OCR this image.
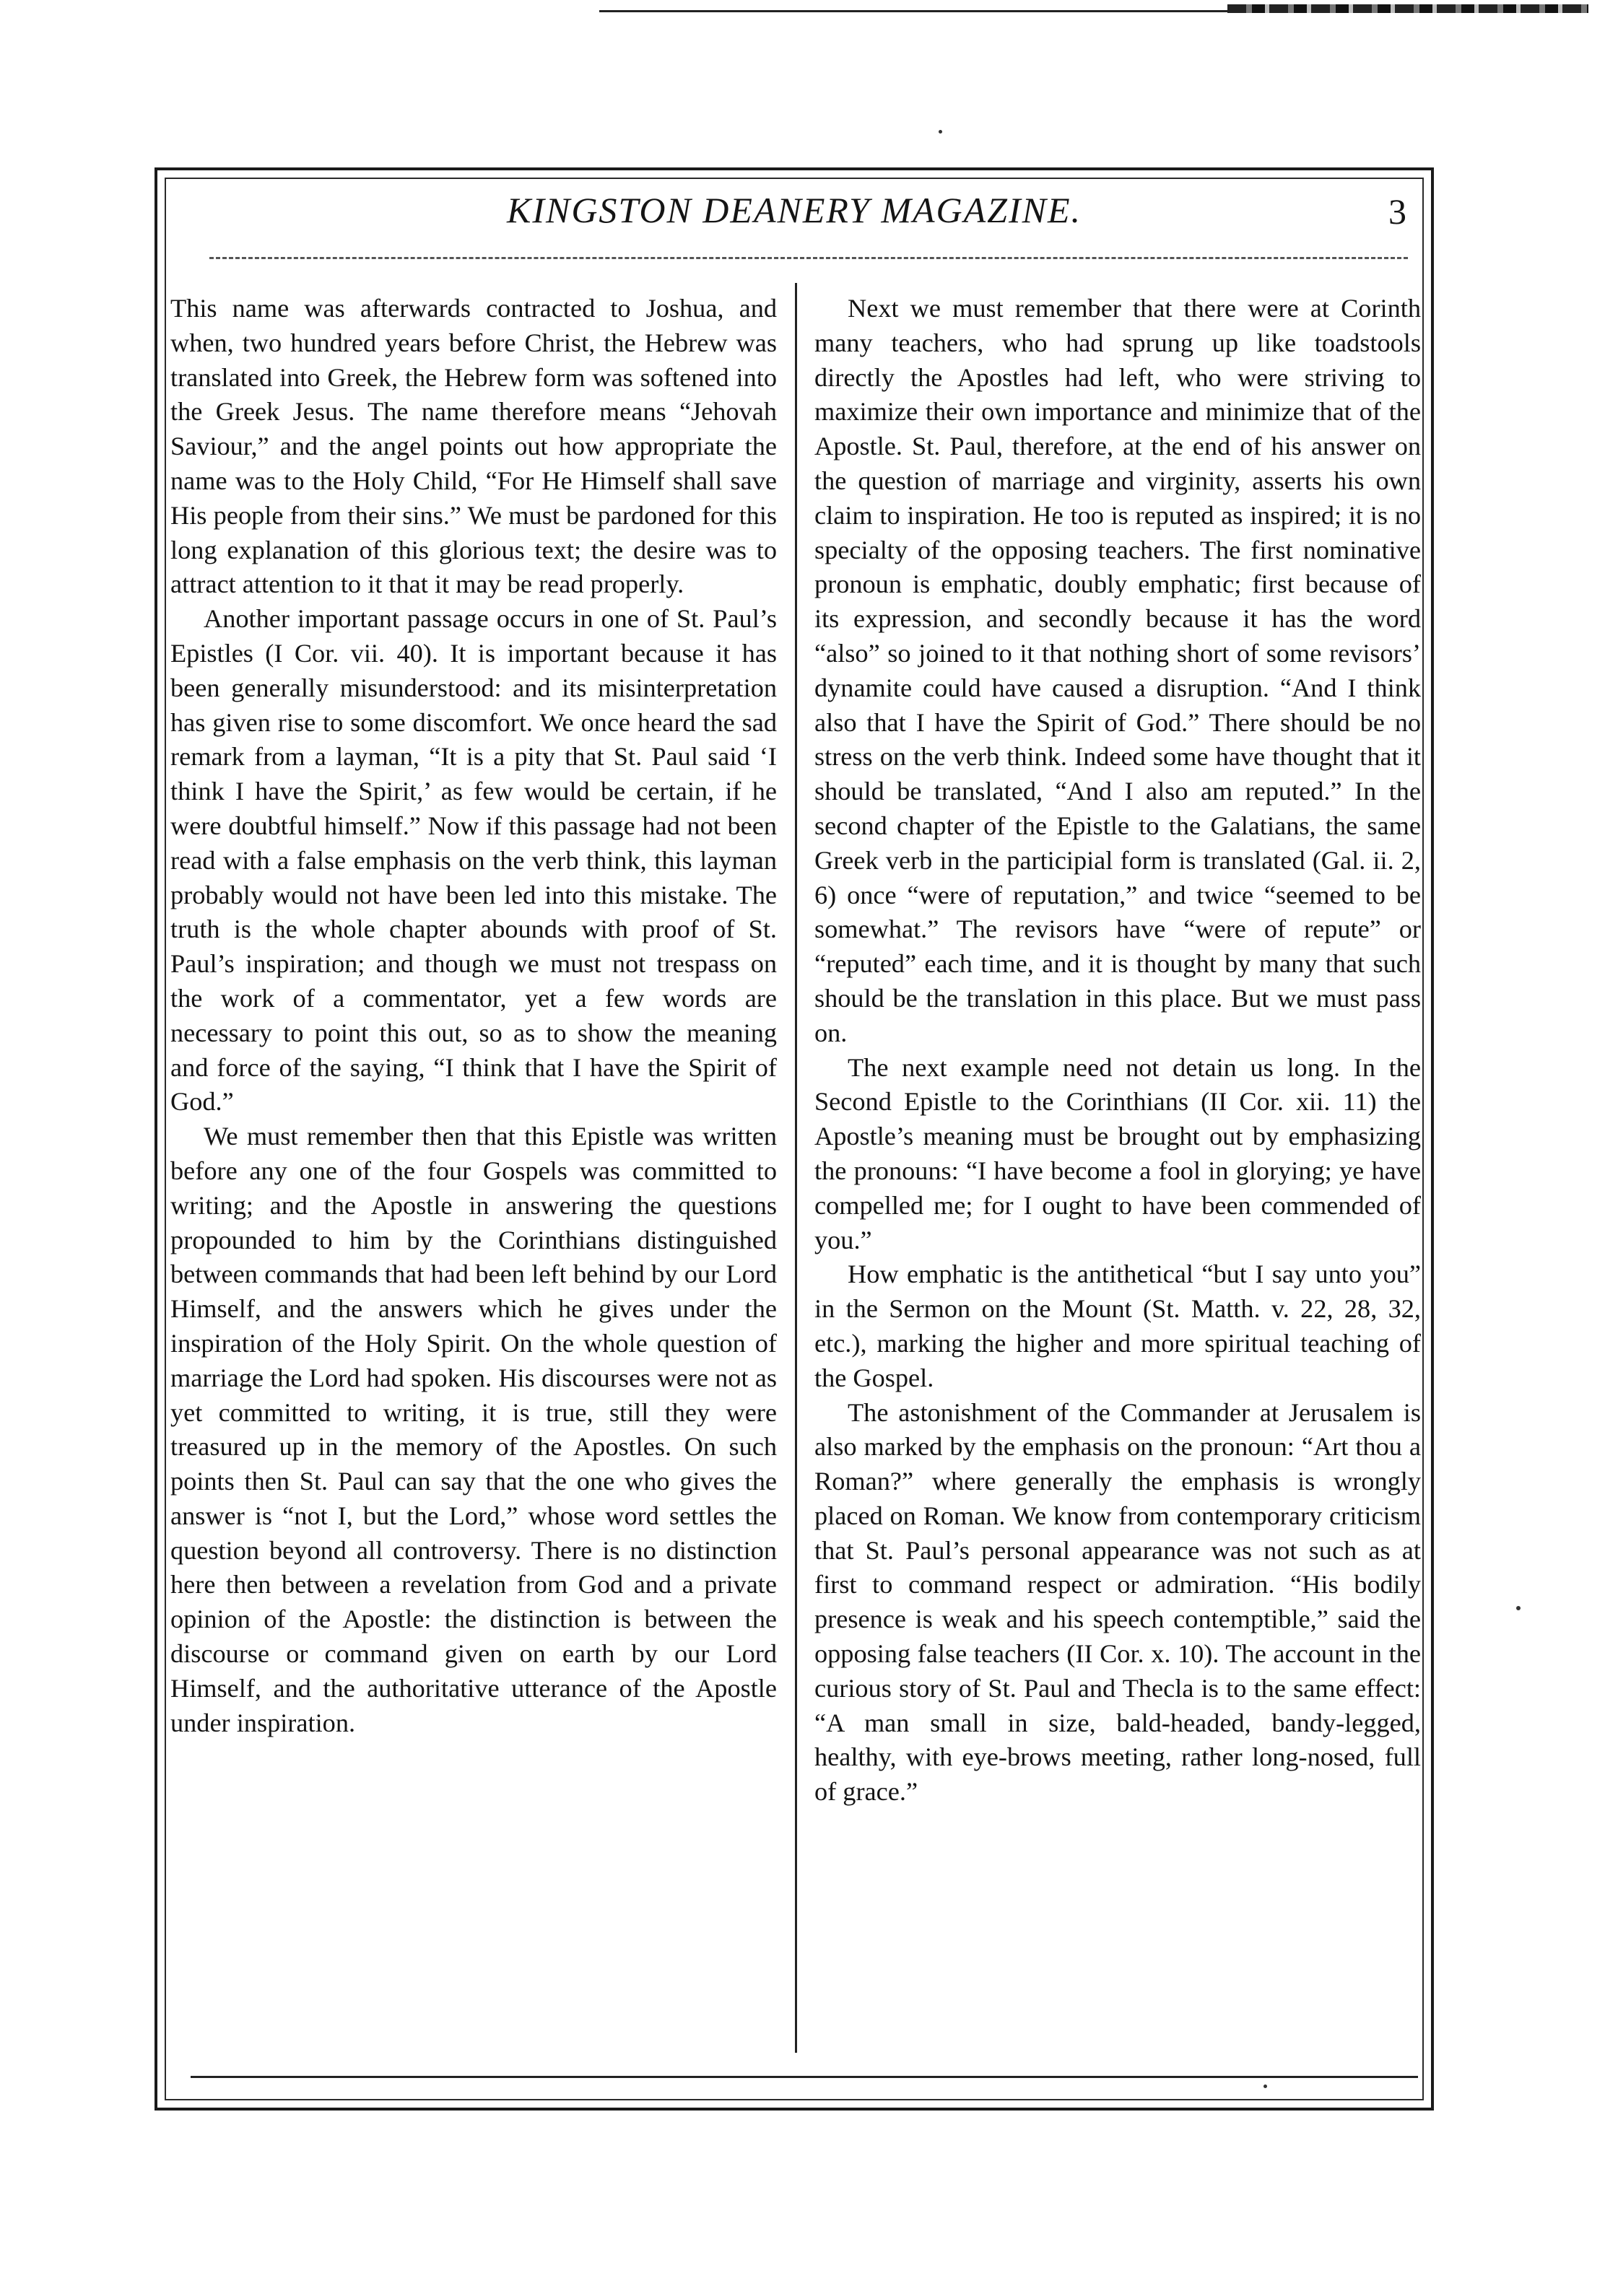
KINGSTON DEANERY MAGAZINE.	3

This name was afterwards contracted to Joshua, and when, two hundred years before Christ, the Hebrew was translated into Greek, the Hebrew form was softened into the Greek Jesus. The name therefore means “Jehovah Saviour,” and the angel points out how appropriate the name was to the Holy Child, “For He Himself shall save His people from their sins.” We must be pardoned for this long explanation of this glorious text; the desire was to attract attention to it that it may be read properly.

Another important passage occurs in one of St. Paul’s Epistles (I Cor. vii. 40). It is important because it has been generally misunderstood: and its misinterpretation has given rise to some discomfort. We once heard the sad remark from a layman, “It is a pity that St. Paul said ‘I think I have the Spirit,’ as few would be certain, if he were doubtful himself.” Now if this passage had not been read with a false emphasis on the verb think, this layman probably would not have been led into this mistake. The truth is the whole chapter abounds with proof of St. Paul’s inspiration; and though we must not trespass on the work of a commentator, yet a few words are necessary to point this out, so as to show the meaning and force of the saying, “I think that I have the Spirit of God.”

We must remember then that this Epistle was written before any one of the four Gospels was committed to writing; and the Apostle in answering the questions propounded to him by the Corinthians distinguished between commands that had been left behind by our Lord Himself, and the answers which he gives under the inspiration of the Holy Spirit. On the whole question of marriage the Lord had spoken. His discourses were not as yet committed to writing, it is true, still they were treasured up in the memory of the Apostles. On such points then St. Paul can say that the one who gives the answer is “not I, but the Lord,” whose word settles the question beyond all controversy. There is no distinction here then between a revelation from God and a private opinion of the Apostle: the distinction is between the discourse or command given on earth by our Lord Himself, and the authoritative utterance of the Apostle under inspiration.

Next we must remember that there were at Corinth many teachers, who had sprung up like toadstools directly the Apostles had left, who were striving to maximize their own importance and minimize that of the Apostle. St. Paul, therefore, at the end of his answer on the question of marriage and virginity, asserts his own claim to inspiration. He too is reputed as inspired; it is no specialty of the opposing teachers. The first nominative pronoun is emphatic, doubly emphatic; first because of its expression, and secondly because it has the word “also” so joined to it that nothing short of some revisors’ dynamite could have caused a disruption. “And I think also that I have the Spirit of God.” There should be no stress on the verb think. Indeed some have thought that it should be translated, “And I also am reputed.” In the second chapter of the Epistle to the Galatians, the same Greek verb in the participial form is translated (Gal. ii. 2, 6) once “were of reputation,” and twice “seemed to be somewhat.” The revisors have “were of repute” or “reputed” each time, and it is thought by many that such should be the translation in this place. But we must pass on.

The next example need not detain us long. In the Second Epistle to the Corinthians (II Cor. xii. 11) the Apostle’s meaning must be brought out by emphasizing the pronouns: “I have become a fool in glorying; ye have compelled me; for I ought to have been commended of you.”

How emphatic is the antithetical “but I say unto you” in the Sermon on the Mount (St. Matth. v. 22, 28, 32, etc.), marking the higher and more spiritual teaching of the Gospel.

The astonishment of the Commander at Jerusalem is also marked by the emphasis on the pronoun: “Art thou a Roman?” where generally the emphasis is wrongly placed on Roman. We know from contemporary criticism that St. Paul’s personal appearance was not such as at first to command respect or admiration. “His bodily presence is weak and his speech contemptible,” said the opposing false teachers (II Cor. x. 10). The account in the curious story of St. Paul and Thecla is to the same effect: “A man small in size, bald-headed, bandy-legged, healthy, with eye-brows meeting, rather long-nosed, full of grace.”
